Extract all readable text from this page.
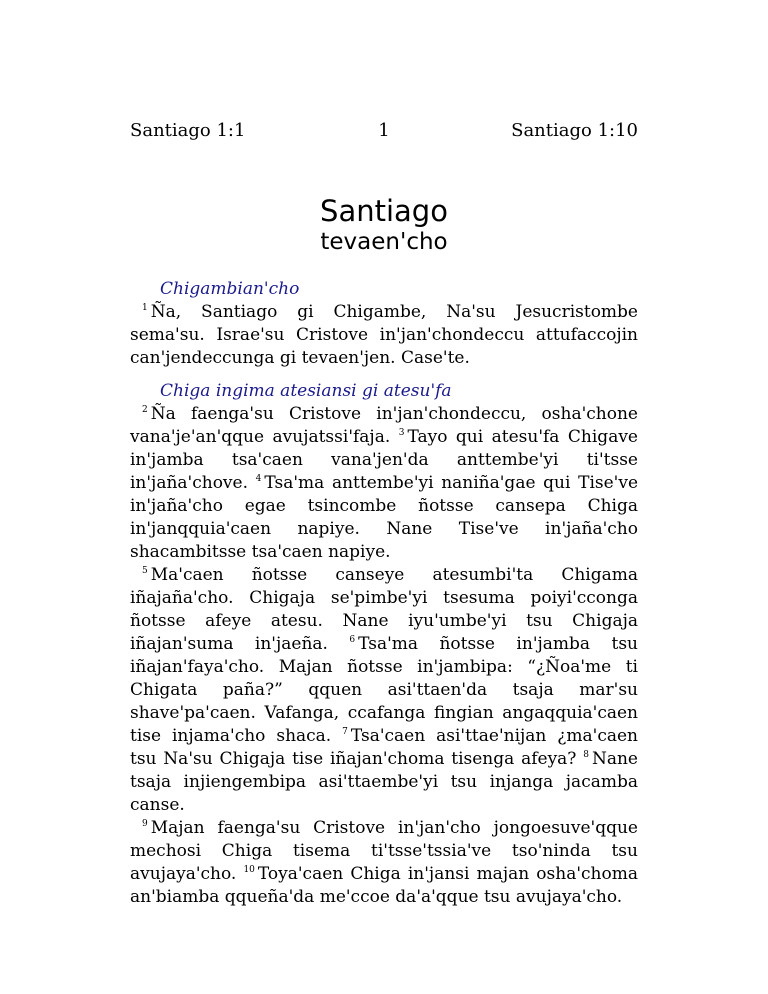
Santiago 1:1	1	Santiago 1:10
Santiago
tevaen'cho

Chigambian'cho

$^1$ Ña, Santiago gi Chigambe, Na'su Jesucristombe sema'su. Israe'su Cristove in'jan'chondeccu attufaccojin can'jendeccunga gi tevaen'jen. Case'te.

Chiga ingima atesiansi gi atesu'fa

$^2$ Ña faenga'su Cristove in'jan'chondeccu, osha'chone vana'je'an'qque avujatssi'faja. $^3$ Tayo qui atesu'fa Chigave in'jamba tsa'caen vana'jen'da anttembe'yi ti'tsse in'jaña'chove. $^4$ Tsa'ma anttembe'yi naniña'gae qui Tise've in'jaña'cho egae tsincombe ñotsse cansepa Chiga in'janqquia'caen napiye. Nane Tise've in'jaña'cho shacambitsse tsa'caen napiye.

$^5$ Ma'caen ñotsse canseye atesumbi'ta Chigama iñajaña'cho. Chigaja se'pimbe'yi tsesuma poiyi'cconga ñotsse afeye atesu. Nane iyu'umbe'yi tsu Chigaja iñajan'suma in'jaeña. $^6$ Tsa'ma ñotsse in'jamba tsu iñajan'faya'cho. Majan ñotsse in'jambipa: “¿Ñoa'me ti Chigata paña?” qquen asi'ttaen'da tsaja mar'su shave'pa'caen. Vafanga, ccafanga fingian angaqquia'caen tise injama'cho shaca. $^7$ Tsa'caen asi'ttae'nijan ¿ma'caen tsu Na'su Chigaja tise iñajan'choma tisenga afeya? $^8$ Nane tsaja injiengembipa asi'ttaembe'yi tsu injanga jacamba canse.

$^9$ Majan faenga'su Cristove in'jan'cho jongoesuve'qque mechosi Chiga tisema ti'tsse'tssia've tso'ninda tsu avujaya'cho. $^{10}$ Toya'caen Chiga in'jansi majan osha'choma an'biamba qqueña'da me'ccoe da'a'qque tsu avujaya'cho.
